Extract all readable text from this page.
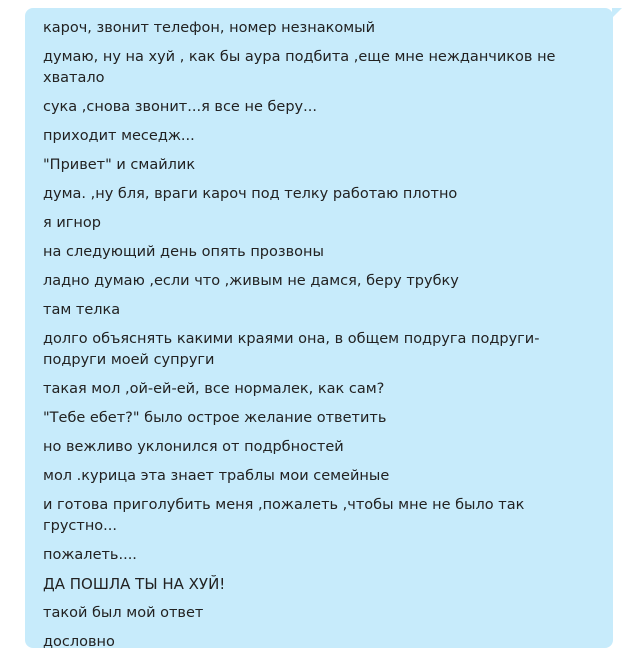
кароч, звонит телефон, номер незнакомый
думаю, ну на хуй , как бы аура подбита ,еще мне нежданчиков не хватало
сука ,снова звонит...я все не беру...
приходит меседж...
"Привет" и смайлик
дума. ,ну бля, враги кароч под телку работаю плотно
я игнор
на следующий день опять прозвоны
ладно думаю ,если что ,живым не дамся, беру трубку
там телка
долго объяснять какими краями она, в общем подруга подруги-подруги моей супруги
такая мол ,ой-ей-ей, все нормалек, как сам?
"Тебе ебет?" было острое желание ответить
но вежливо уклонился от подрбностей
мол .курица эта знает траблы мои семейные
и готова приголубить меня ,пожалеть ,чтобы мне не было так грустно...
пожалеть....
ДА ПОШЛА ТЫ НА ХУЙ!
такой был мой ответ
дословно
